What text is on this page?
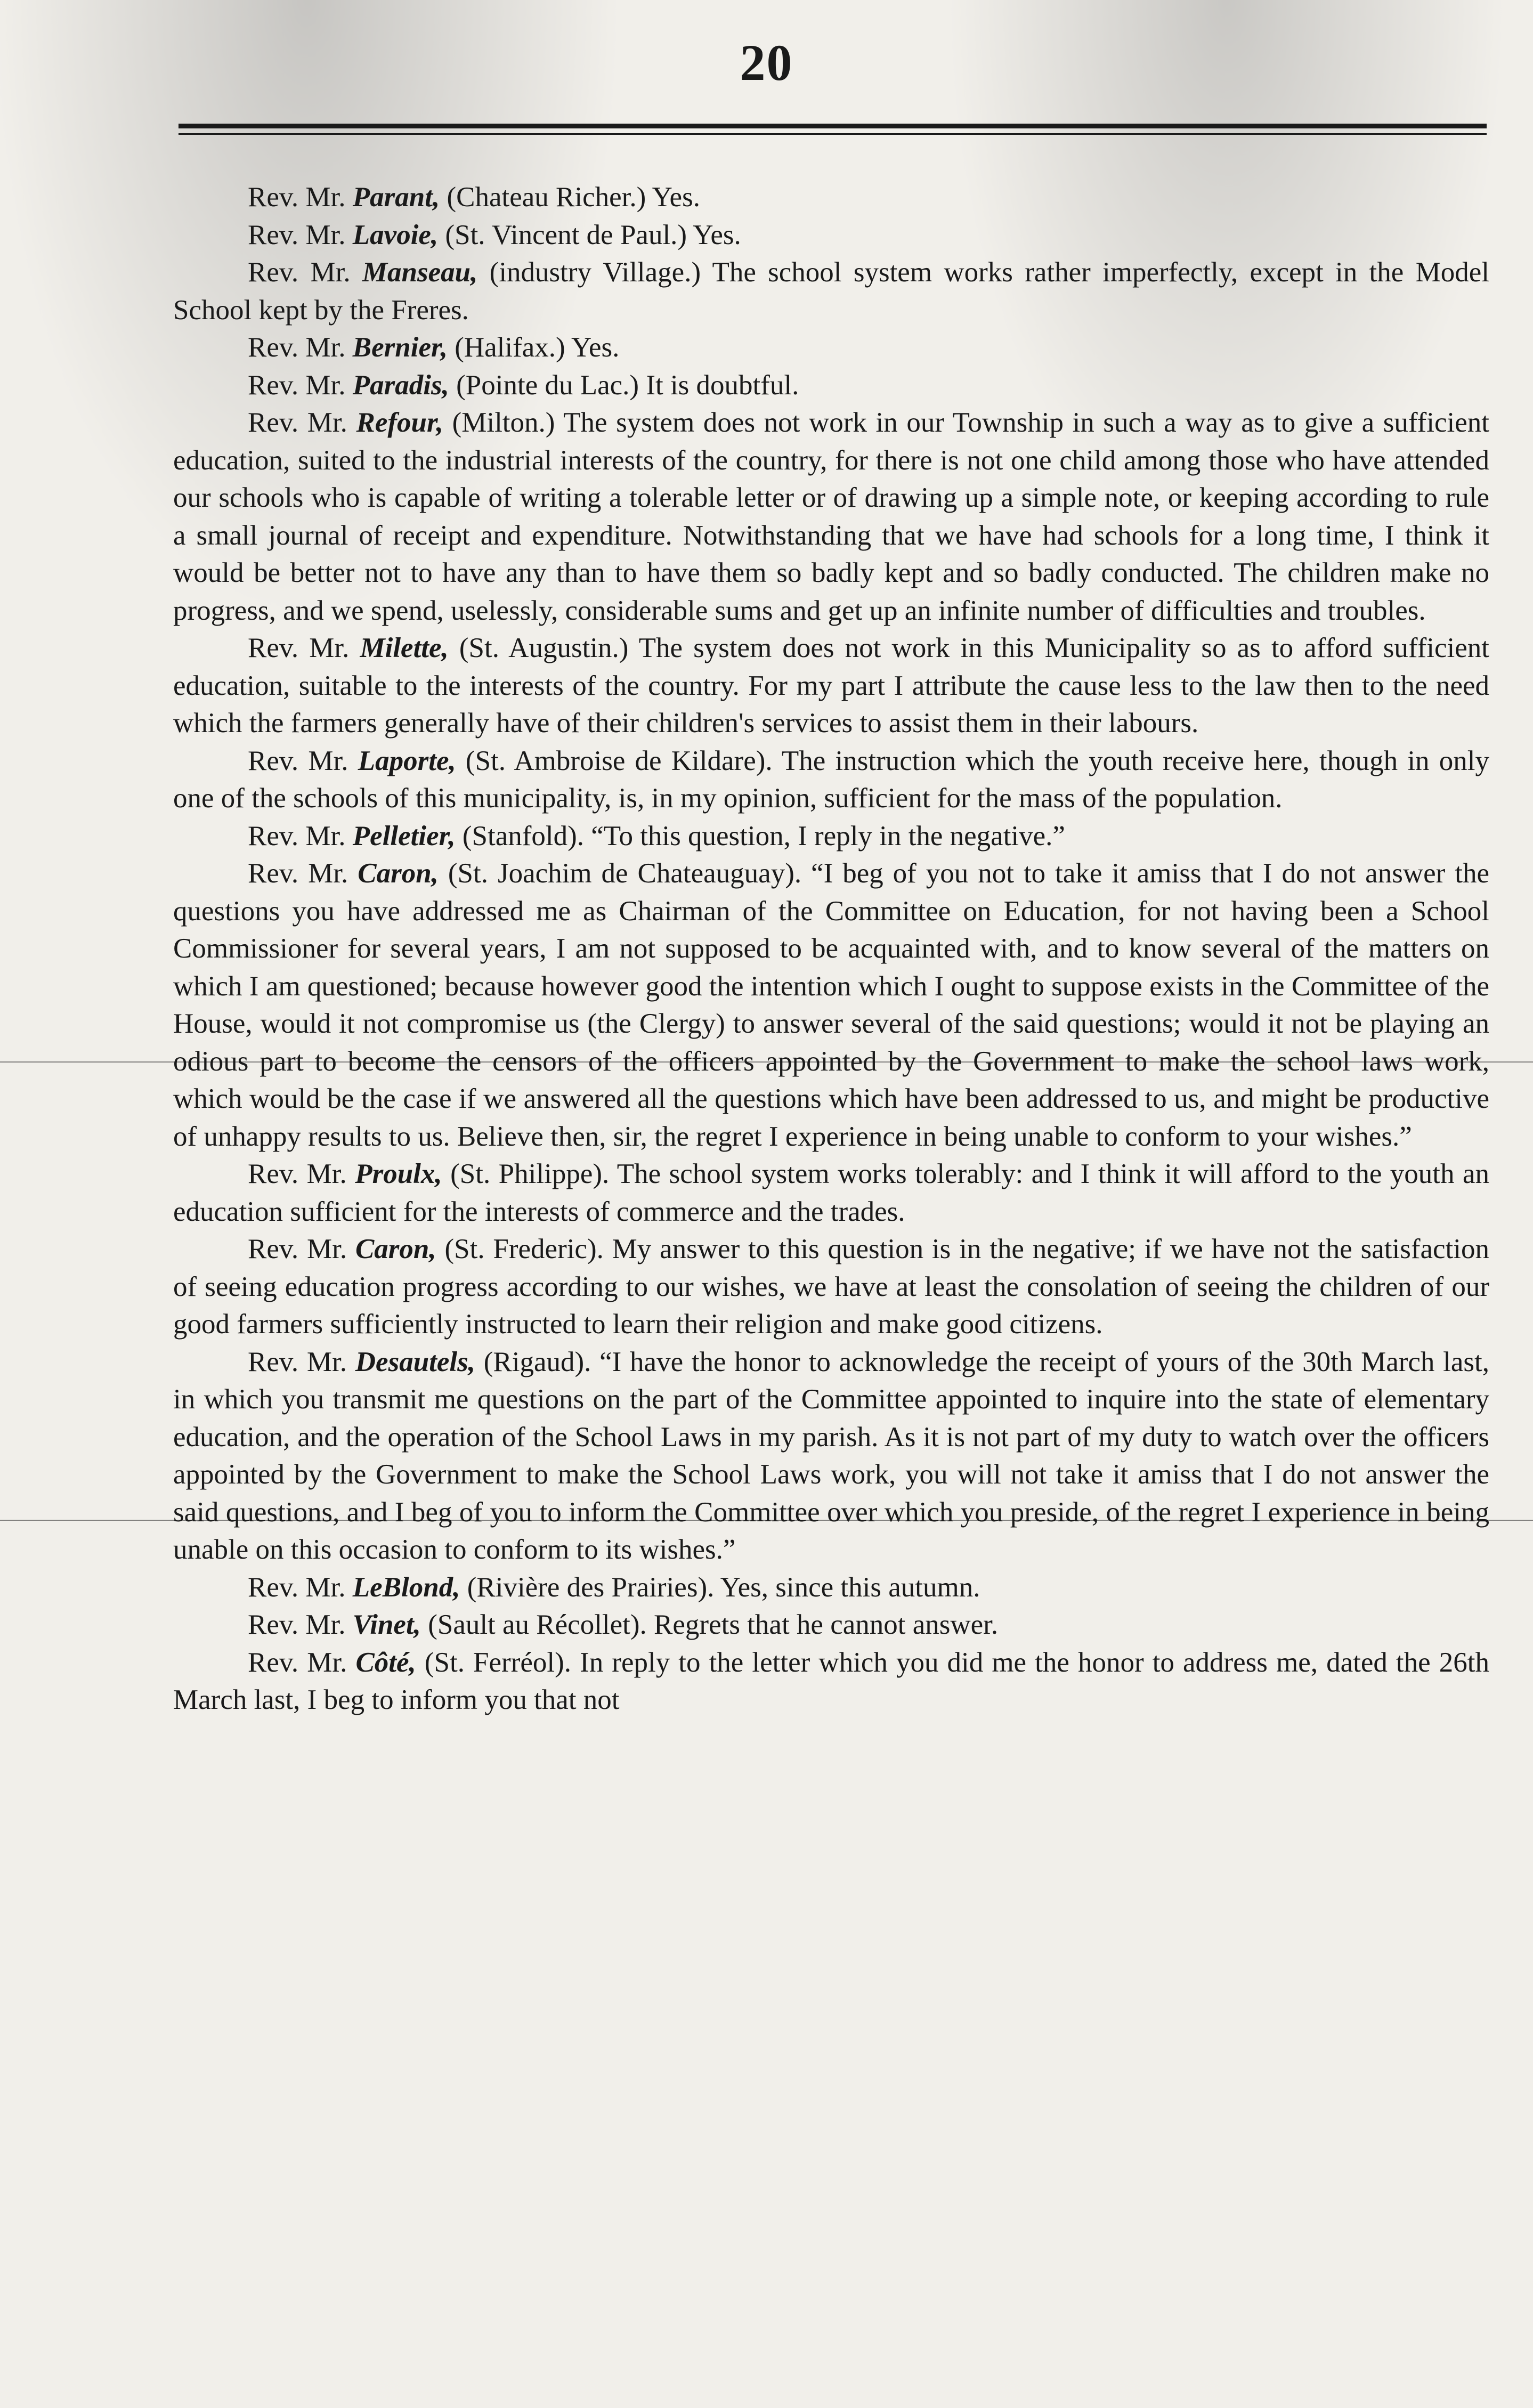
20

Rev. Mr. Parant, (Chateau Richer.) Yes.

Rev. Mr. Lavoie, (St. Vincent de Paul.) Yes.

Rev. Mr. Manseau, (industry Village.) The school system works rather imperfectly, except in the Model School kept by the Freres.

Rev. Mr. Bernier, (Halifax.) Yes.

Rev. Mr. Paradis, (Pointe du Lac.) It is doubtful.

Rev. Mr. Refour, (Milton.) The system does not work in our Township in such a way as to give a sufficient education, suited to the industrial interests of the country, for there is not one child among those who have attended our schools who is capable of writing a tolerable letter or of drawing up a simple note, or keeping according to rule a small journal of receipt and expenditure. Notwithstanding that we have had schools for a long time, I think it would be better not to have any than to have them so badly kept and so badly conducted. The children make no progress, and we spend, uselessly, considerable sums and get up an infinite number of difficulties and troubles.

Rev. Mr. Milette, (St. Augustin.) The system does not work in this Municipality so as to afford sufficient education, suitable to the interests of the country. For my part I attribute the cause less to the law then to the need which the farmers generally have of their children's services to assist them in their labours.

Rev. Mr. Laporte, (St. Ambroise de Kildare). The instruction which the youth receive here, though in only one of the schools of this municipality, is, in my opinion, sufficient for the mass of the population.

Rev. Mr. Pelletier, (Stanfold). “To this question, I reply in the negative.”

Rev. Mr. Caron, (St. Joachim de Chateauguay). “I beg of you not to take it amiss that I do not answer the questions you have addressed me as Chairman of the Committee on Education, for not having been a School Commissioner for several years, I am not supposed to be acquainted with, and to know several of the matters on which I am questioned; because however good the intention which I ought to suppose exists in the Committee of the House, would it not compromise us (the Clergy) to answer several of the said questions; would it not be playing an odious part to become the censors of the officers appointed by the Government to make the school laws work, which would be the case if we answered all the questions which have been addressed to us, and might be productive of unhappy results to us. Believe then, sir, the regret I experience in being unable to conform to your wishes.”

Rev. Mr. Proulx, (St. Philippe). The school system works tolerably: and I think it will afford to the youth an education sufficient for the interests of commerce and the trades.

Rev. Mr. Caron, (St. Frederic). My answer to this question is in the negative; if we have not the satisfaction of seeing education progress according to our wishes, we have at least the consolation of seeing the children of our good farmers sufficiently instructed to learn their religion and make good citizens.

Rev. Mr. Desautels, (Rigaud). “I have the honor to acknowledge the receipt of yours of the 30th March last, in which you transmit me questions on the part of the Committee appointed to inquire into the state of elementary education, and the operation of the School Laws in my parish. As it is not part of my duty to watch over the officers appointed by the Government to make the School Laws work, you will not take it amiss that I do not answer the said questions, and I beg of you to inform the Committee over which you preside, of the regret I experience in being unable on this occasion to conform to its wishes.”

Rev. Mr. LeBlond, (Rivière des Prairies). Yes, since this autumn.

Rev. Mr. Vinet, (Sault au Récollet). Regrets that he cannot answer.

Rev. Mr. Côté, (St. Ferréol). In reply to the letter which you did me the honor to address me, dated the 26th March last, I beg to inform you that not
